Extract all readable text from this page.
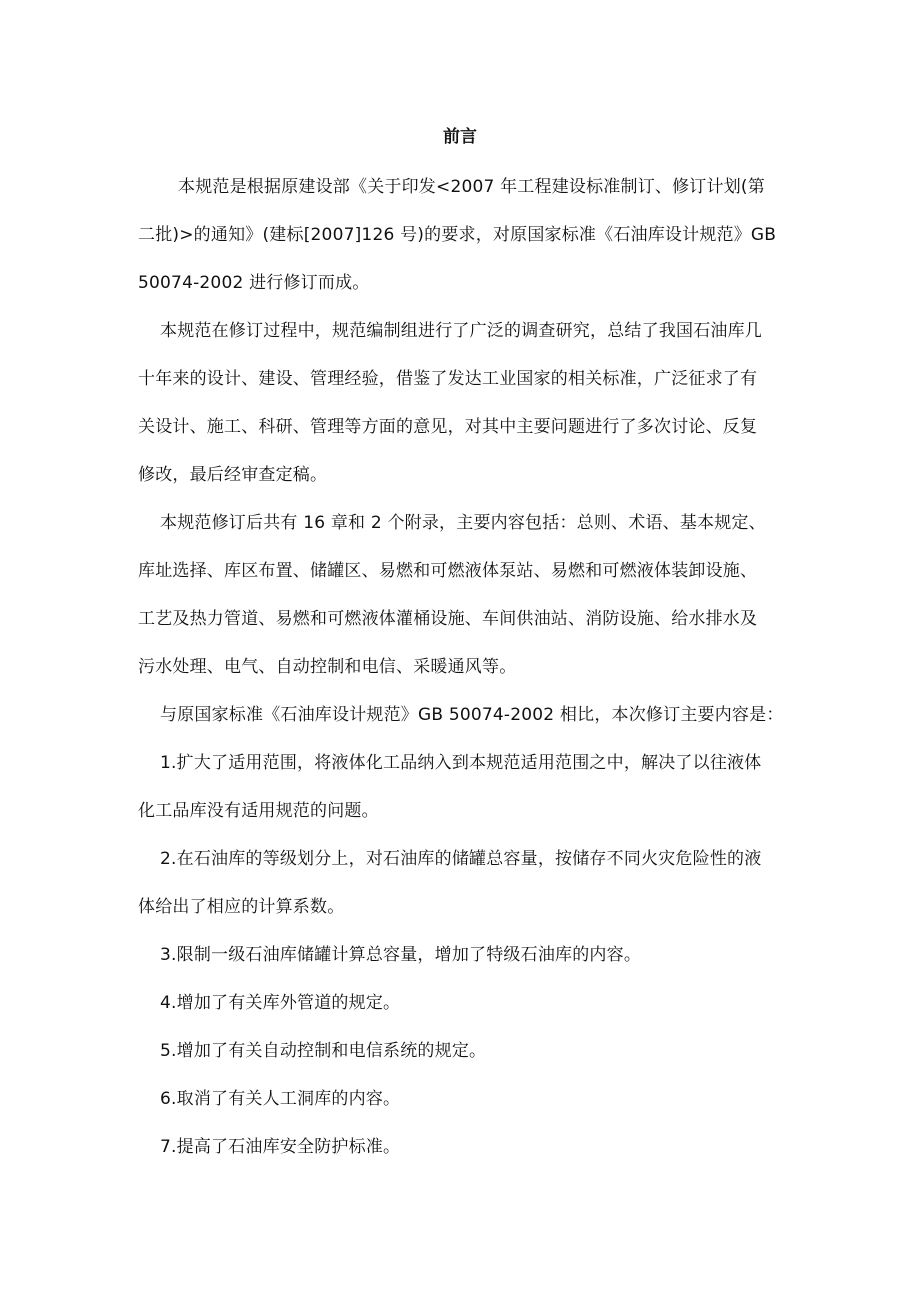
前言
本规范是根据原建设部《关于印发<2007 年工程建设标准制订、修订计划(第
二批)>的通知》(建标[2007]126 号)的要求，对原国家标准《石油库设计规范》GB
50074-2002 进行修订而成。
本规范在修订过程中，规范编制组进行了广泛的调查研究，总结了我国石油库几
十年来的设计、建设、管理经验，借鉴了发达工业国家的相关标准，广泛征求了有
关设计、施工、科研、管理等方面的意见，对其中主要问题进行了多次讨论、反复
修改，最后经审查定稿。
本规范修订后共有 16 章和 2 个附录，主要内容包括：总则、术语、基本规定、
库址选择、库区布置、储罐区、易燃和可燃液体泵站、易燃和可燃液体装卸设施、
工艺及热力管道、易燃和可燃液体灌桶设施、车间供油站、消防设施、给水排水及
污水处理、电气、自动控制和电信、采暖通风等。
与原国家标准《石油库设计规范》GB 50074-2002 相比，本次修订主要内容是：
1.扩大了适用范围，将液体化工品纳入到本规范适用范围之中，解决了以往液体
化工品库没有适用规范的问题。
2.在石油库的等级划分上，对石油库的储罐总容量，按储存不同火灾危险性的液
体给出了相应的计算系数。
3.限制一级石油库储罐计算总容量，增加了特级石油库的内容。
4.增加了有关库外管道的规定。
5.增加了有关自动控制和电信系统的规定。
6.取消了有关人工洞库的内容。
7.提高了石油库安全防护标准。
